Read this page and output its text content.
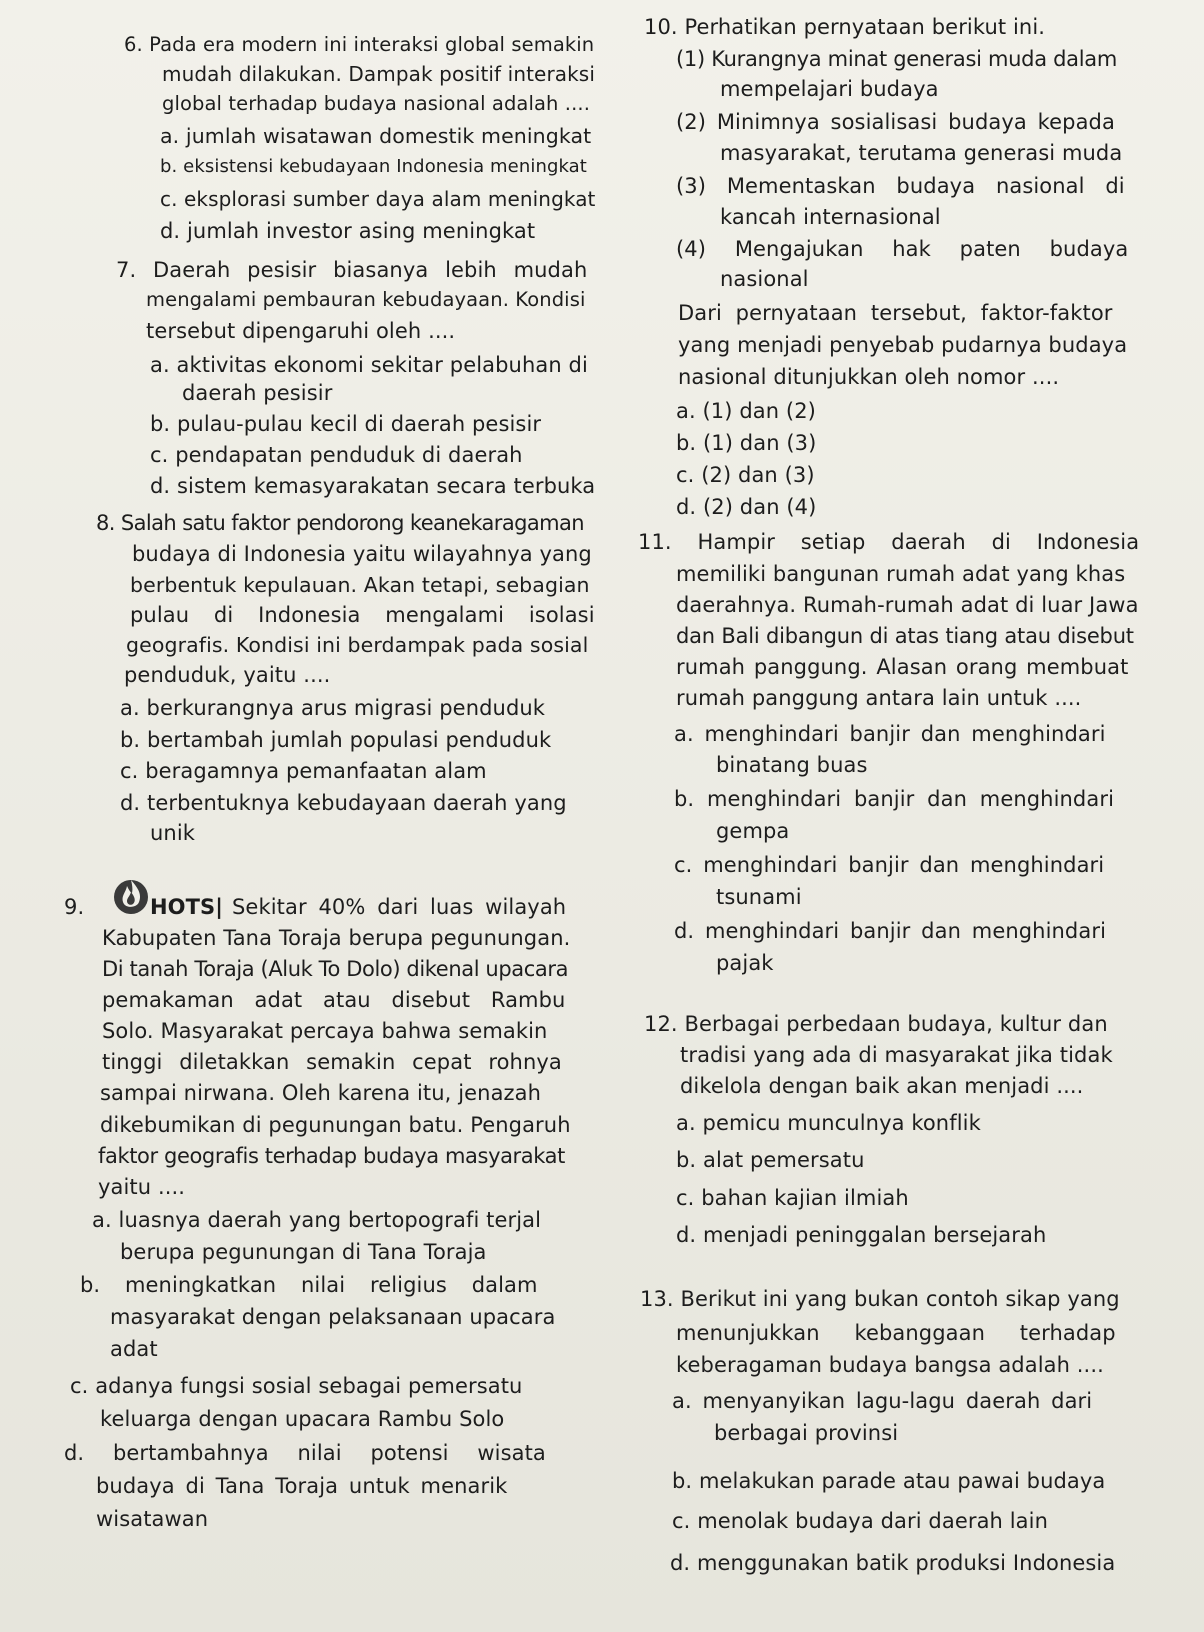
6. Pada era modern ini interaksi global semakin
mudah dilakukan. Dampak positif interaksi
global terhadap budaya nasional adalah ....
a. jumlah wisatawan domestik meningkat
b. eksistensi kebudayaan Indonesia meningkat
c. eksplorasi sumber daya alam meningkat
d. jumlah investor asing meningkat
7. Daerah pesisir biasanya lebih mudah
mengalami pembauran kebudayaan. Kondisi
tersebut dipengaruhi oleh ....
a. aktivitas ekonomi sekitar pelabuhan di
daerah pesisir
b. pulau-pulau kecil di daerah pesisir
c. pendapatan penduduk di daerah
d. sistem kemasyarakatan secara terbuka
8. Salah satu faktor pendorong keanekaragaman
budaya di Indonesia yaitu wilayahnya yang
berbentuk kepulauan. Akan tetapi, sebagian
pulau di Indonesia mengalami isolasi
geografis. Kondisi ini berdampak pada sosial
penduduk, yaitu ....
a. berkurangnya arus migrasi penduduk
b. bertambah jumlah populasi penduduk
c. beragamnya pemanfaatan alam
d. terbentuknya kebudayaan daerah yang
unik
9.	HOTS| Sekitar 40% dari luas wilayah
Kabupaten Tana Toraja berupa pegunungan.
Di tanah Toraja (Aluk To Dolo) dikenal upacara
pemakaman adat atau disebut Rambu
Solo. Masyarakat percaya bahwa semakin
tinggi diletakkan semakin cepat rohnya
sampai nirwana. Oleh karena itu, jenazah
dikebumikan di pegunungan batu. Pengaruh
faktor geografis terhadap budaya masyarakat
yaitu ....
a. luasnya daerah yang bertopografi terjal
berupa pegunungan di Tana Toraja
b. meningkatkan nilai religius dalam
masyarakat dengan pelaksanaan upacara
adat
c. adanya fungsi sosial sebagai pemersatu
keluarga dengan upacara Rambu Solo
d. bertambahnya nilai potensi wisata
budaya di Tana Toraja untuk menarik
wisatawan
10. Perhatikan pernyataan berikut ini.
(1) Kurangnya minat generasi muda dalam
mempelajari budaya
(2) Minimnya sosialisasi budaya kepada
masyarakat, terutama generasi muda
(3) Mementaskan budaya nasional di
kancah internasional
(4) Mengajukan hak paten budaya
nasional
Dari pernyataan tersebut, faktor-faktor
yang menjadi penyebab pudarnya budaya
nasional ditunjukkan oleh nomor ....
a. (1) dan (2)
b. (1) dan (3)
c. (2) dan (3)
d. (2) dan (4)
11. Hampir setiap daerah di Indonesia
memiliki bangunan rumah adat yang khas
daerahnya. Rumah-rumah adat di luar Jawa
dan Bali dibangun di atas tiang atau disebut
rumah panggung. Alasan orang membuat
rumah panggung antara lain untuk ....
a. menghindari banjir dan menghindari
binatang buas
b. menghindari banjir dan menghindari
gempa
c. menghindari banjir dan menghindari
tsunami
d. menghindari banjir dan menghindari
pajak
12. Berbagai perbedaan budaya, kultur dan
tradisi yang ada di masyarakat jika tidak
dikelola dengan baik akan menjadi ....
a. pemicu munculnya konflik
b. alat pemersatu
c. bahan kajian ilmiah
d. menjadi peninggalan bersejarah
13. Berikut ini yang bukan contoh sikap yang
menunjukkan kebanggaan terhadap
keberagaman budaya bangsa adalah ....
a. menyanyikan lagu-lagu daerah dari
berbagai provinsi
b. melakukan parade atau pawai budaya
c. menolak budaya dari daerah lain
d. menggunakan batik produksi Indonesia
